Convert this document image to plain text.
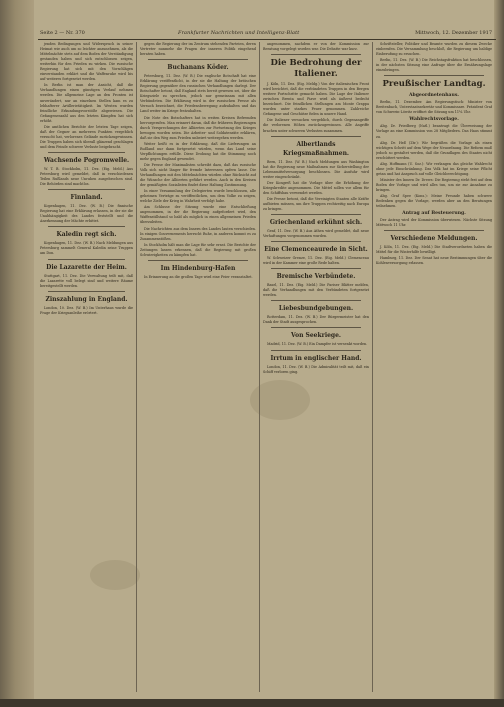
Seite 2 — Nr. 370	Frankfurter Nachrichten und Intelligenz-Blatt	Mittwoch, 12. Dezember 1917

jenden Bedingungen und Widerspruch in seiner Heimat wie auch um so leichter anzunehmen, als die Mittelmächte stets auf dem Boden der Verständigung gestanden haben und sich entschlossen zeigen, weiterhin für den Frieden zu wirken. Die russische Regierung hat sich mit den Vorschlägen einverstanden erklärt und die Waffenruhe wird bis auf weiteres fortgesetzt werden.

In Berlin ist man der Ansicht, daß die Verhandlungen einen günstigen Verlauf nehmen werden. Die allgemeine Lage an den Fronten ist unverändert, nur an einzelnen Stellen kam es zu lebhafterer Artillerietätigkeit. Im Westen wurden feindliche Erkundungsvorstöße abgewiesen. Die Gefangenenzahl aus den letzten Kämpfen hat sich erhöht.

Die amtlichen Berichte der letzten Tage zeigen, daß der Gegner an mehreren Punkten vergeblich versucht hat, verlorenes Gelände zurückzugewinnen. Die Truppen haben sich überall glänzend geschlagen und dem Feinde schwere Verluste beigebracht.

Wachsende Pogromwelle.

W. T. B. Stockholm, 11. Dez. (Eig. Meld.) Aus Petersburg wird gemeldet, daß in verschiedenen Teilen Rußlands neue Unruhen ausgebrochen sind. Die Behörden sind machtlos.

Finnland.

Kopenhagen, 11. Dez. (W. B.) Die finnische Regierung hat eine Erklärung erlassen, in der sie die Unabhängigkeit des Landes feststellt und die Anerkennung der Mächte erbittet.

Kaledin regt sich.

Kopenhagen, 11. Dez. (W. B.) Nach Meldungen aus Petersburg sammelt General Kaledin seine Truppen am Don.

Die Lazarette der Heim.

Stuttgart, 11. Dez. Die Verwaltung teilt mit, daß die Lazarette voll belegt sind und weitere Räume bereitgestellt werden.

Zinszahlung in England.

London, 10. Dez. (W. B.) Im Unterhaus wurde die Frage der Kriegsanleihe erörtert.

gegen die Regierung der im Zentrum stehenden Parteien, deren Vertreter nunmehr die Fragen der inneren Politik eingehend beraten haben.

Buchanans Köder.

Petersburg, 11. Dez. (W. B.) Die englische Botschaft hat eine Erklärung veröffentlicht, in der sie die Haltung der britischen Regierung gegenüber den russischen Verhandlungen darlegt. Der Botschafter betont, daß England stets bereit gewesen sei, über die Kriegsziele zu sprechen, jedoch nur gemeinsam mit allen Verbündeten. Die Erklärung wird in der russischen Presse als Versuch bezeichnet, die Friedensbewegung aufzuhalten und das Land weiter im Kriege festzuhalten.

Die Note des Botschafters hat in weiten Kreisen Befremden hervorgerufen. Man erinnert daran, daß die früheren Regierungen durch Versprechungen der Alliierten zur Fortsetzung des Krieges bewogen worden seien. Die Arbeiter- und Soldatenräte erklären, daß sie den Weg zum Frieden unbeirrt weitergehen werden.

Weiter heißt es in der Erklärung, daß die Lieferungen an Rußland nur dann fortgesetzt würden, wenn das Land seine Verpflichtungen erfülle. Diese Drohung hat die Stimmung noch mehr gegen England gewendet.

Die Presse der Maximalisten schreibt dazu, daß das russische Volk sich nicht länger für fremde Interessen opfern lasse. Die Verhandlungen mit den Mittelmächten würden ohne Rücksicht auf die Wünsche der Alliierten geführt werden. Auch in den Kreisen der gemäßigten Sozialisten findet diese Haltung Zustimmung.

In einer Versammlung der Delegierten wurde beschlossen, alle geheimen Verträge zu veröffentlichen, um dem Volke zu zeigen, welche Ziele der Krieg in Wahrheit verfolgt habe.

Am Schlusse der Sitzung wurde eine Entschließung angenommen, in der die Regierung aufgefordert wird, den Waffenstillstand so bald als möglich in einen allgemeinen Frieden überzuleiten.

Die Nachrichten aus dem Innern des Landes lauten verschieden. In einigen Gouvernements herrscht Ruhe, in anderen kommt es zu Zusammenstößen.

In Stockholm hält man die Lage für sehr ernst. Die Berichte der Zeitungen lassen erkennen, daß die Regierung mit großen Schwierigkeiten zu kämpfen hat.

Im Hindenburg-Hafen

In Erinnerung an die großen Tage wird eine Feier veranstaltet.

angenommen, nachdem er von der Kommission zur Beratung vorgelegt worden war. Die Debatte war kurz.

Die Bedrohung der Italiener.

J. Köln, 11. Dez. (Eig. Meldg.) Von der italienischen Front wird berichtet, daß die verbündeten Truppen in den Bergen weitere Fortschritte gemacht haben. Die Lage der Italiener zwischen Brenta und Piave wird als äußerst bedroht bezeichnet. Die feindlichen Stellungen am Monte Grappa wurden unter starkes Feuer genommen. Zahlreiche Gefangene und Geschütze fielen in unsere Hand.

Die Italiener versuchen vergeblich, durch Gegenangriffe die verlorenen Höhen zurückzugewinnen. Alle Angriffe brachen unter schweren Verlusten zusammen.

Albertlands Kriegsmaßnahmen.

Bern, 11. Dez. (W. B.) Nach Meldungen aus Washington hat die Regierung neue Maßnahmen zur Sicherstellung der Lebensmittelversorgung beschlossen. Die Ausfuhr wird weiter eingeschränkt.

Der Kongreß hat die Vorlage über die Erhöhung der Kriegskredite angenommen. Die Mittel sollen vor allem für den Schiffsbau verwendet werden.

Die Presse betont, daß die Vereinigten Staaten alle Kräfte aufbieten müssen, um ihre Truppen rechtzeitig nach Europa zu bringen.

Griechenland erkühnt sich.

Genf, 11. Dez. (W. B.) Aus Athen wird gemeldet, daß neue Verhaftungen vorgenommen wurden.

Eine Clemenceaurede in Sicht.

W. Schweizer Grenze, 11. Dez. (Eig. Meld.) Clemenceau wird in der Kammer eine große Rede halten.

Bremische Verbündete.

Basel, 11. Dez. (Eig. Meld.) Die Pariser Blätter melden, daß die Verhandlungen mit den Verbündeten fortgesetzt werden.

Liebesbundgebungen.

Rotterdam, 11. Dez. (W. B.) Der Bürgermeister hat den Dank der Stadt ausgesprochen.

Von Seekriege.

Madrid, 11. Dez. (W. B.) Ein Dampfer ist versenkt worden.

Irrtum in englischer Hand.

London, 11. Dez. (W. B.) Die Admiralität teilt mit, daß ein Schiff verloren ging.

Schriftsteller, Politiker und Beamte wurden zu diesem Zwecke einberufen. Die Versammlung beschloß, die Regierung um baldige Einberufung zu ersuchen.

Berlin, 11. Dez. (W. B.) Die Reichstagsfraktion hat beschlossen, in der nächsten Sitzung eine Anfrage über die Ernährungslage einzubringen.

Preußischer Landtag.
Abgeordnetenhaus.

Berlin, 11. Dezember. Am Regierungstisch: Minister von Breitenbach, Unterstaatssekretär und Kommissare. Präsident Graf von Schwerin-Löwitz eröffnet die Sitzung um 11¼ Uhr.

Wahlrechtsvorlage.

Abg. Dr. Friedberg (Natl.) beantragt die Überweisung der Vorlage an eine Kommission von 28 Mitgliedern. Das Haus stimmt zu.

Abg. Dr. Heß (Ztr.): Wir begrüßen die Vorlage als einen wichtigen Schritt auf dem Wege der Neuordnung. Die Reform muß jedoch so gestaltet werden, daß die Grundlagen des Staates nicht erschüttert werden.

Abg. Hoffmann (U. Soz.): Wir verlangen das gleiche Wahlrecht ohne jede Einschränkung. Das Volk hat im Kriege seine Pflicht getan und hat Anspruch auf volle Gleichberechtigung.

Minister des Innern Dr. Drews: Die Regierung steht fest auf dem Boden der Vorlage und wird alles tun, um sie zur Annahme zu bringen.

Abg. Graf Spee (Kons.): Meine Freunde haben schwere Bedenken gegen die Vorlage, werden aber an den Beratungen teilnehmen.

Antrag auf Besteuerung.

Der Antrag wird der Kommission überwiesen. Nächste Sitzung Mittwoch 11 Uhr.

Verschiedene Meldungen.

J. Köln, 11. Dez. (Eig. Meld.) Die Stadtverordneten haben die Mittel für die Winterhilfe bewilligt.

Hamburg, 11. Dez. Der Senat hat neue Bestimmungen über die Kohlenversorgung erlassen.
